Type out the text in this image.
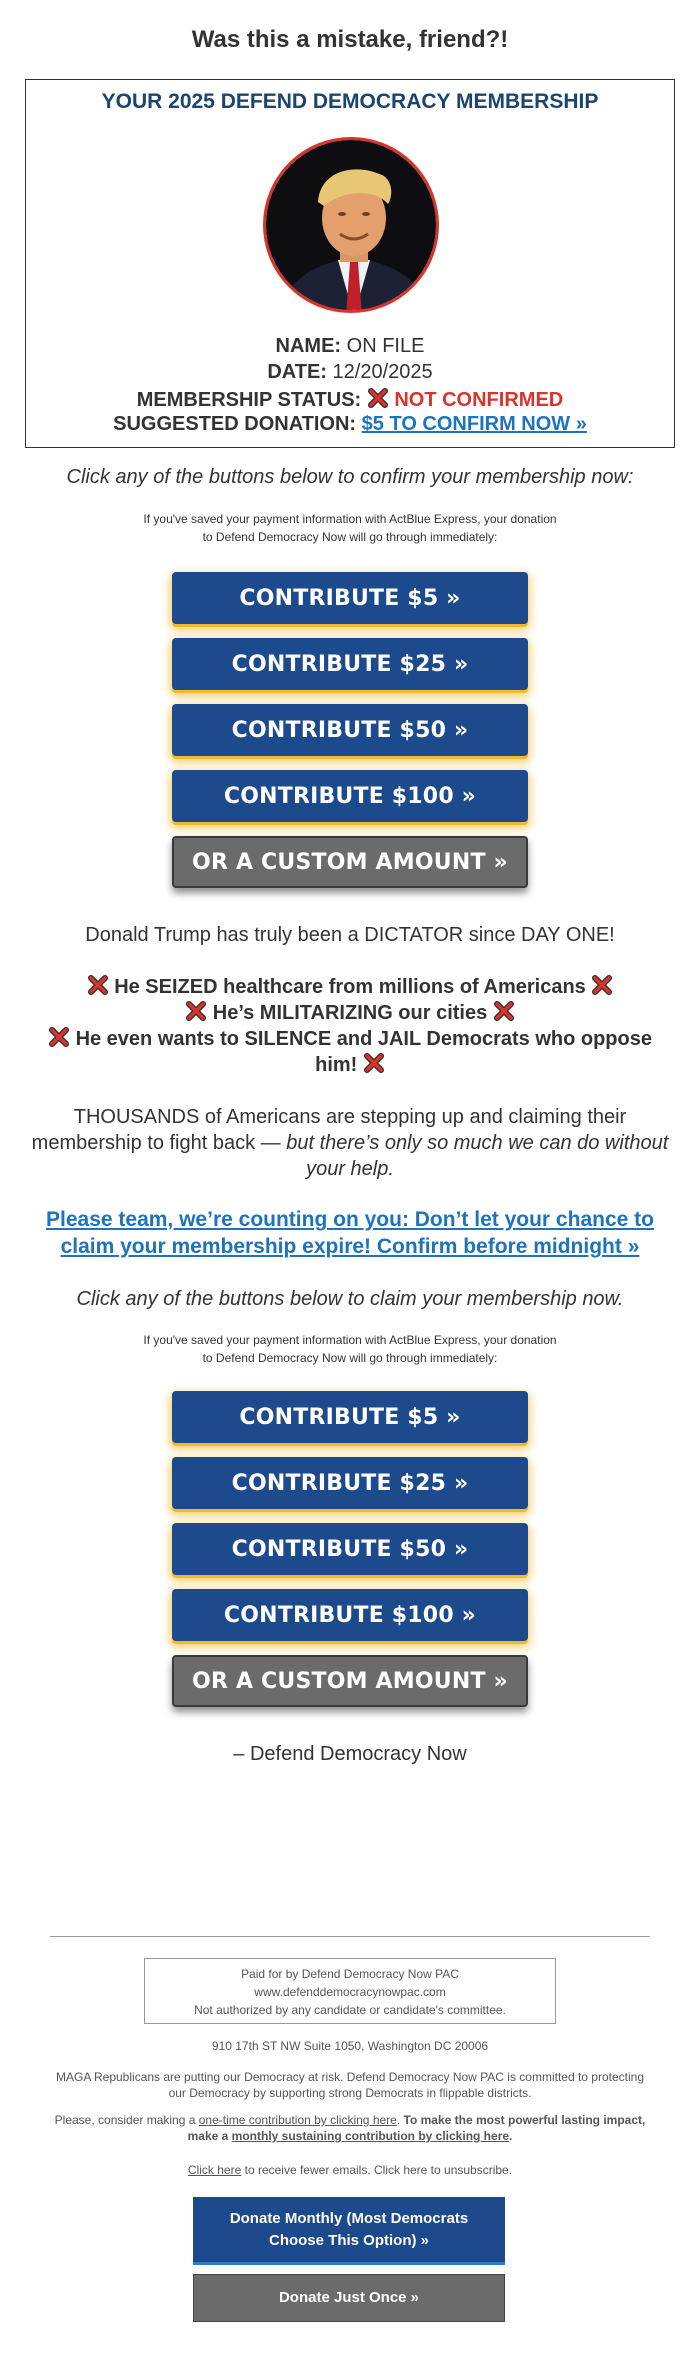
Was this a mistake, friend?!
YOUR 2025 DEFEND DEMOCRACY MEMBERSHIP
NAME: ON FILE
DATE: 12/20/2025
MEMBERSHIP STATUS: NOT CONFIRMED
SUGGESTED DONATION: $5 TO CONFIRM NOW »
Click any of the buttons below to confirm your membership now:
If you've saved your payment information with ActBlue Express, your donation
to Defend Democracy Now will go through immediately:
CONTRIBUTE $5 »
CONTRIBUTE $25 »
CONTRIBUTE $50 »
CONTRIBUTE $100 »
OR A CUSTOM AMOUNT »
Donald Trump has truly been a DICTATOR since DAY ONE!
He SEIZED healthcare from millions of Americans
He’s MILITARIZING our cities
He even wants to SILENCE and JAIL Democrats who oppose him!
THOUSANDS of Americans are stepping up and claiming their membership to fight back — but there’s only so much we can do without your help.
Please team, we’re counting on you: Don’t let your chance to claim your membership expire! Confirm before midnight »
Click any of the buttons below to claim your membership now.
If you've saved your payment information with ActBlue Express, your donation
to Defend Democracy Now will go through immediately:
CONTRIBUTE $5 »
CONTRIBUTE $25 »
CONTRIBUTE $50 »
CONTRIBUTE $100 »
OR A CUSTOM AMOUNT »
– Defend Democracy Now
Paid for by Defend Democracy Now PAC
www.defenddemocracynowpac.com
Not authorized by any candidate or candidate's committee.
910 17th ST NW Suite 1050, Washington DC 20006
MAGA Republicans are putting our Democracy at risk. Defend Democracy Now PAC is committed to protecting our Democracy by supporting strong Democrats in flippable districts.
Please, consider making a one-time contribution by clicking here. To make the most powerful lasting impact, make a monthly sustaining contribution by clicking here.
Click here to receive fewer emails. Click here to unsubscribe.
Donate Monthly (Most Democrats
Choose This Option) »
Donate Just Once »
